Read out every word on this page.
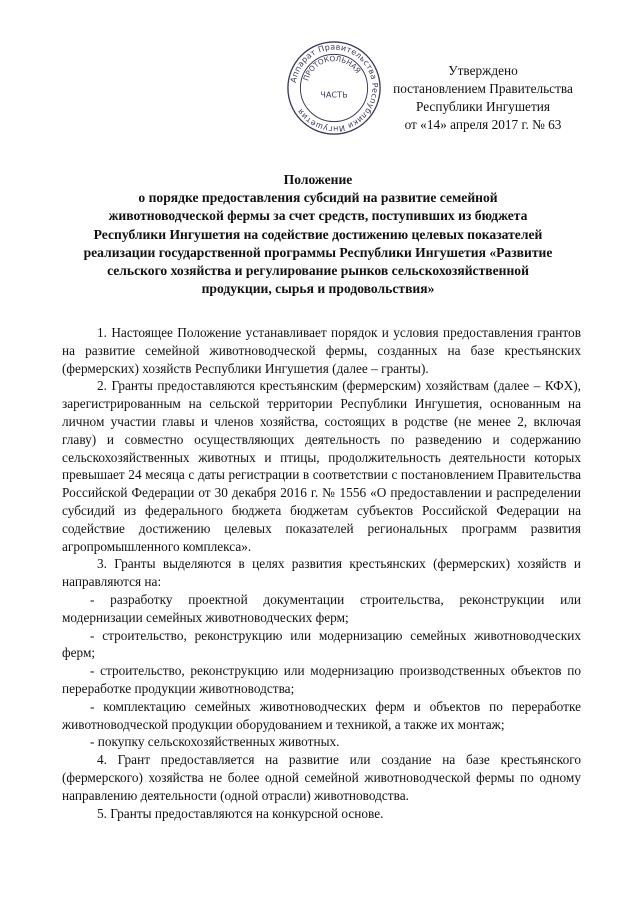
Аппарат Правительства Республики Ингушетия
ПРОТОКОЛЬНАЯ
ЧАСТЬ
Утверждено
постановлением Правительства
Республики Ингушетия
от «14» апреля 2017 г. № 63
Положение
о порядке предоставления субсидий на развитие семейной
животноводческой фермы за счет средств, поступивших из бюджета
Республики Ингушетия на содействие достижению целевых показателей
реализации государственной программы Республики Ингушетия «Развитие
сельского хозяйства и регулирование рынков сельскохозяйственной
продукции, сырья и продовольствия»

1. Настоящее Положение устанавливает порядок и условия предоставления грантов на развитие семейной животноводческой фермы, созданных на базе крестьянских (фермерских) хозяйств Республики Ингушетия (далее – гранты).

2. Гранты предоставляются крестьянским (фермерским) хозяйствам (далее – КФХ), зарегистрированным на сельской территории Республики Ингушетия, основанным на личном участии главы и членов хозяйства, состоящих в родстве (не менее 2, включая главу) и совместно осуществляющих деятельность по разведению и содержанию сельскохозяйственных животных и птицы, продолжительность деятельности которых превышает 24 месяца с даты регистрации в соответствии с постановлением Правительства Российской Федерации от 30 декабря 2016 г. № 1556 «О предоставлении и распределении субсидий из федерального бюджета бюджетам субъектов Российской Федерации на содействие достижению целевых показателей региональных программ развития агропромышленного комплекса».

3. Гранты выделяются в целях развития крестьянских (фермерских) хозяйств и направляются на:

- разработку проектной документации строительства, реконструкции или модернизации семейных животноводческих ферм;

- строительство, реконструкцию или модернизацию семейных животноводческих ферм;

- строительство, реконструкцию или модернизацию производственных объектов по переработке продукции животноводства;

- комплектацию семейных животноводческих ферм и объектов по переработке животноводческой продукции оборудованием и техникой, а также их монтаж;

- покупку сельскохозяйственных животных.

4. Грант предоставляется на развитие или создание на базе крестьянского (фермерского) хозяйства не более одной семейной животноводческой фермы по одному направлению деятельности (одной отрасли) животноводства.

5. Гранты предоставляются на конкурсной основе.
